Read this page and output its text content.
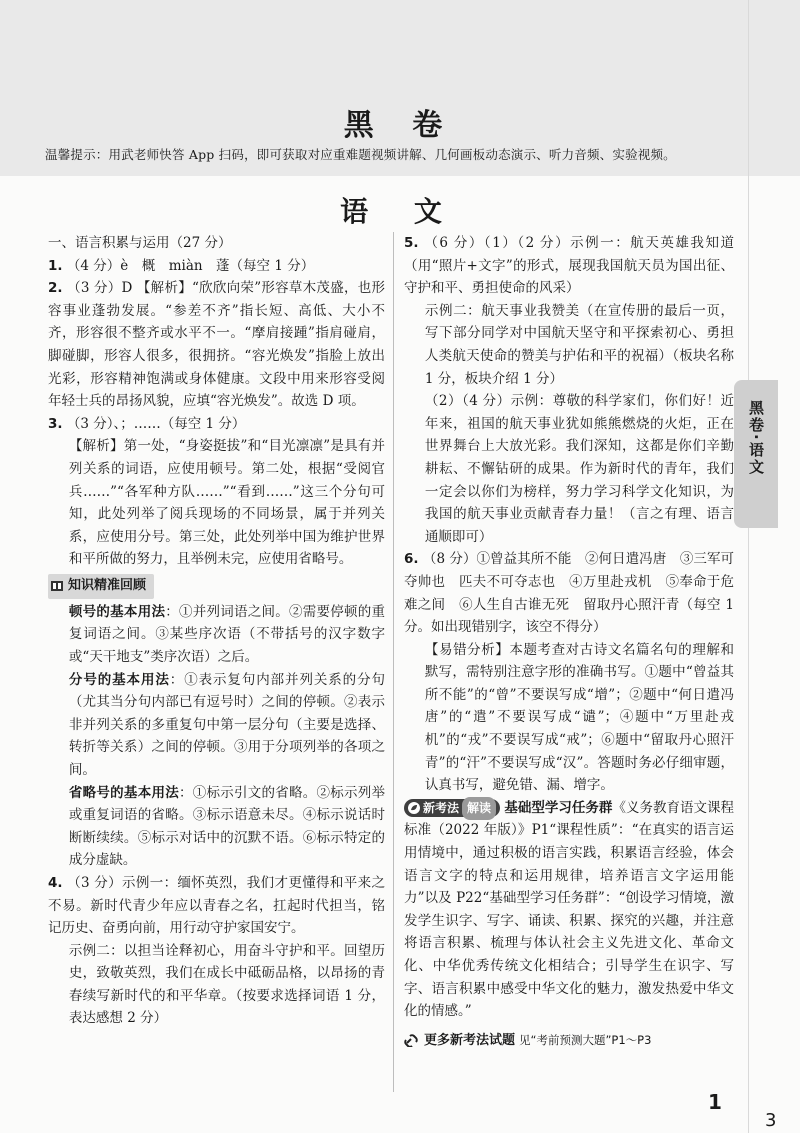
黑 卷
温馨提示：用武老师快答 App 扫码，即可获取对应重难题视频讲解、几何画板动态演示、听力音频、实验视频。
语 文

一、语言积累与运用（27 分）

1. （4 分）è　概　miàn　蓬（每空 1 分）

2. （3 分）D 【解析】“欣欣向荣”形容草木茂盛，也形容事业蓬勃发展。“参差不齐”指长短、高低、大小不齐，形容很不整齐或水平不一。“摩肩接踵”指肩碰肩，脚碰脚，形容人很多，很拥挤。“容光焕发”指脸上放出光彩，形容精神饱满或身体健康。文段中用来形容受阅年轻士兵的昂扬风貌，应填“容光焕发”。故选 D 项。

3. （3 分）、；……（每空 1 分）

【解析】第一处，“身姿挺拔”和“目光凛凛”是具有并列关系的词语，应使用顿号。第二处，根据“受阅官兵……”“各军种方队……”“看到……”这三个分句可知，此处列举了阅兵现场的不同场景，属于并列关系，应使用分号。第三处，此处列举中国为维护世界和平所做的努力，且举例未完，应使用省略号。

知识精准回顾

顿号的基本用法：①并列词语之间。②需要停顿的重复词语之间。③某些序次语（不带括号的汉字数字或“天干地支”类序次语）之后。

分号的基本用法：①表示复句内部并列关系的分句（尤其当分句内部已有逗号时）之间的停顿。②表示非并列关系的多重复句中第一层分句（主要是选择、转折等关系）之间的停顿。③用于分项列举的各项之间。

省略号的基本用法：①标示引文的省略。②标示列举或重复词语的省略。③标示语意未尽。④标示说话时断断续续。⑤标示对话中的沉默不语。⑥标示特定的成分虚缺。

4. （3 分）示例一：缅怀英烈，我们才更懂得和平来之不易。新时代青少年应以青春之名，扛起时代担当，铭记历史、奋勇向前，用行动守护家国安宁。

示例二：以担当诠释初心，用奋斗守护和平。回望历史，致敬英烈，我们在成长中砥砺品格，以昂扬的青春续写新时代的和平华章。（按要求选择词语 1 分，表达感想 2 分）

5. （6 分）（1）（2 分）示例一：航天英雄我知道（用“照片+文字”的形式，展现我国航天员为国出征、守护和平、勇担使命的风采）

示例二：航天事业我赞美（在宣传册的最后一页，写下部分同学对中国航天坚守和平探索初心、勇担人类航天使命的赞美与护佑和平的祝福）（板块名称 1 分，板块介绍 1 分）

（2）（4 分）示例：尊敬的科学家们，你们好！近年来，祖国的航天事业犹如熊熊燃烧的火炬，正在世界舞台上大放光彩。我们深知，这都是你们辛勤耕耘、不懈钻研的成果。作为新时代的青年，我们一定会以你们为榜样，努力学习科学文化知识，为我国的航天事业贡献青春力量！（言之有理、语言通顺即可）

6. （8 分）①曾益其所不能　②何日遣冯唐　③三军可夺帅也　匹夫不可夺志也　④万里赴戎机　⑤奉命于危难之间　⑥人生自古谁无死　留取丹心照汗青（每空 1 分。如出现错别字，该空不得分）

【易错分析】本题考查对古诗文名篇名句的理解和默写，需特别注意字形的准确书写。①题中“曾益其所不能”的“曾”不要误写成“增”；②题中“何日遣冯唐”的“遣”不要误写成“谴”；④题中“万里赴戎机”的“戎”不要误写成“戒”；⑥题中“留取丹心照汗青”的“汗”不要误写成“汉”。答题时务必仔细审题，认真书写，避免错、漏、增字。

新考法 解读 基础型学习任务群《义务教育语文课程标准（2022 年版）》P1“课程性质”：“在真实的语言运用情境中，通过积极的语言实践，积累语言经验，体会语言文字的特点和运用规律，培养语言文字运用能力”以及 P22“基础型学习任务群”：“创设学习情境，激发学生识字、写字、诵读、积累、探究的兴趣，并注意将语言积累、梳理与体认社会主义先进文化、革命文化、中华优秀传统文化相结合；引导学生在识字、写字、语言积累中感受中华文化的魅力，激发热爱中华文化的情感。”

更多新考法试题 见“考前预测大题”P1～P3
黑卷·语文
1
3
